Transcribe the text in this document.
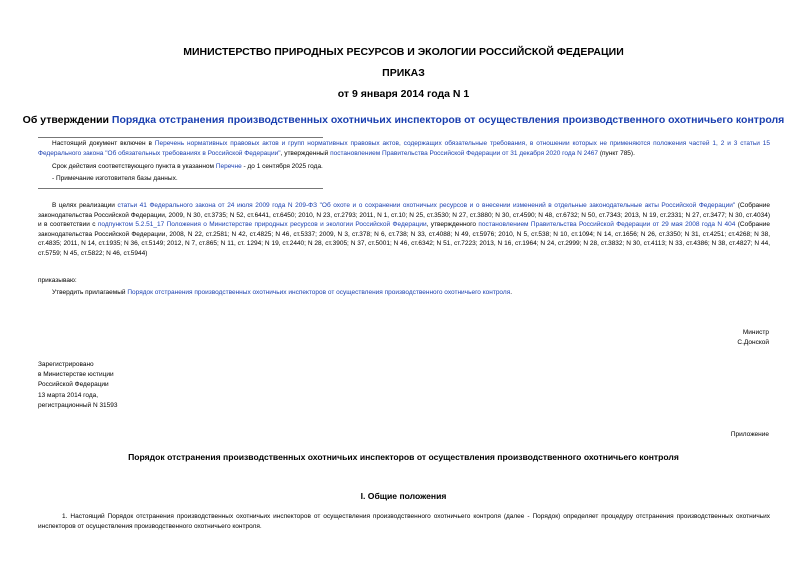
МИНИСТЕРСТВО ПРИРОДНЫХ РЕСУРСОВ И ЭКОЛОГИИ РОССИЙСКОЙ ФЕДЕРАЦИИ
ПРИКАЗ
от 9 января 2014 года N 1
Об утверждении Порядка отстранения производственных охотничьих инспекторов от осуществления производственного охотничьего контроля
Настоящий документ включен в Перечень нормативных правовых актов и групп нормативных правовых актов, содержащих обязательные требования, в отношении которых не применяются положения частей 1, 2 и 3 статьи 15 Федерального закона "Об обязательных требованиях в Российской Федерации", утвержденный постановлением Правительства Российской Федерации от 31 декабря 2020 года N 2467 (пункт 785).
Срок действия соответствующего пункта в указанном Перечне - до 1 сентября 2025 года.
- Примечание изготовителя базы данных.
В целях реализации статьи 41 Федерального закона от 24 июля 2009 года N 209-ФЗ "Об охоте и о сохранении охотничьих ресурсов и о внесении изменений в отдельные законодательные акты Российской Федерации" (Собрание законодательства Российской Федерации, 2009, N 30, ст.3735; N 52, ст.6441, ст.6450; 2010, N 23, ст.2793; 2011, N 1, ст.10; N 25, ст.3530; N 27, ст.3880; N 30, ст.4590; N 48, ст.6732; N 50, ст.7343; 2013, N 19, ст.2331; N 27, ст.3477; N 30, ст.4034) и в соответствии с подпунктом 5.2.51_17 Положения о Министерстве природных ресурсов и экологии Российской Федерации, утвержденного постановлением Правительства Российской Федерации от 29 мая 2008 года N 404 (Собрание законодательства Российской Федерации, 2008, N 22, ст.2581; N 42, ст.4825; N 46, ст.5337; 2009, N 3, ст.378; N 6, ст.738; N 33, ст.4088; N 49, ст.5976; 2010, N 5, ст.538; N 10, ст.1094; N 14, ст.1656; N 26, ст.3350; N 31, ст.4251; ст.4268; N 38, ст.4835; 2011, N 14, ст.1935; N 36, ст.5149; 2012, N 7, ст.865; N 11, ст. 1294; N 19, ст.2440; N 28, ст.3905; N 37, ст.5001; N 46, ст.6342; N 51, ст.7223; 2013, N 16, ст.1964; N 24, ст.2999; N 28, ст.3832; N 30, ст.4113; N 33, ст.4386; N 38, ст.4827; N 44, ст.5759; N 45, ст.5822; N 46, ст.5944)
приказываю:
Утвердить прилагаемый Порядок отстранения производственных охотничьих инспекторов от осуществления производственного охотничьего контроля.
Министр
С.Донской
Зарегистрировано
в Министерстве юстиции
Российской Федерации
13 марта 2014 года,
регистрационный N 31593
Приложение
Порядок отстранения производственных охотничьих инспекторов от осуществления производственного охотничьего контроля
I. Общие положения
1. Настоящий Порядок отстранения производственных охотничьих инспекторов от осуществления производственного охотничьего контроля (далее - Порядок) определяет процедуру отстранения производственных охотничьих инспекторов от осуществления производственного охотничьего контроля.
